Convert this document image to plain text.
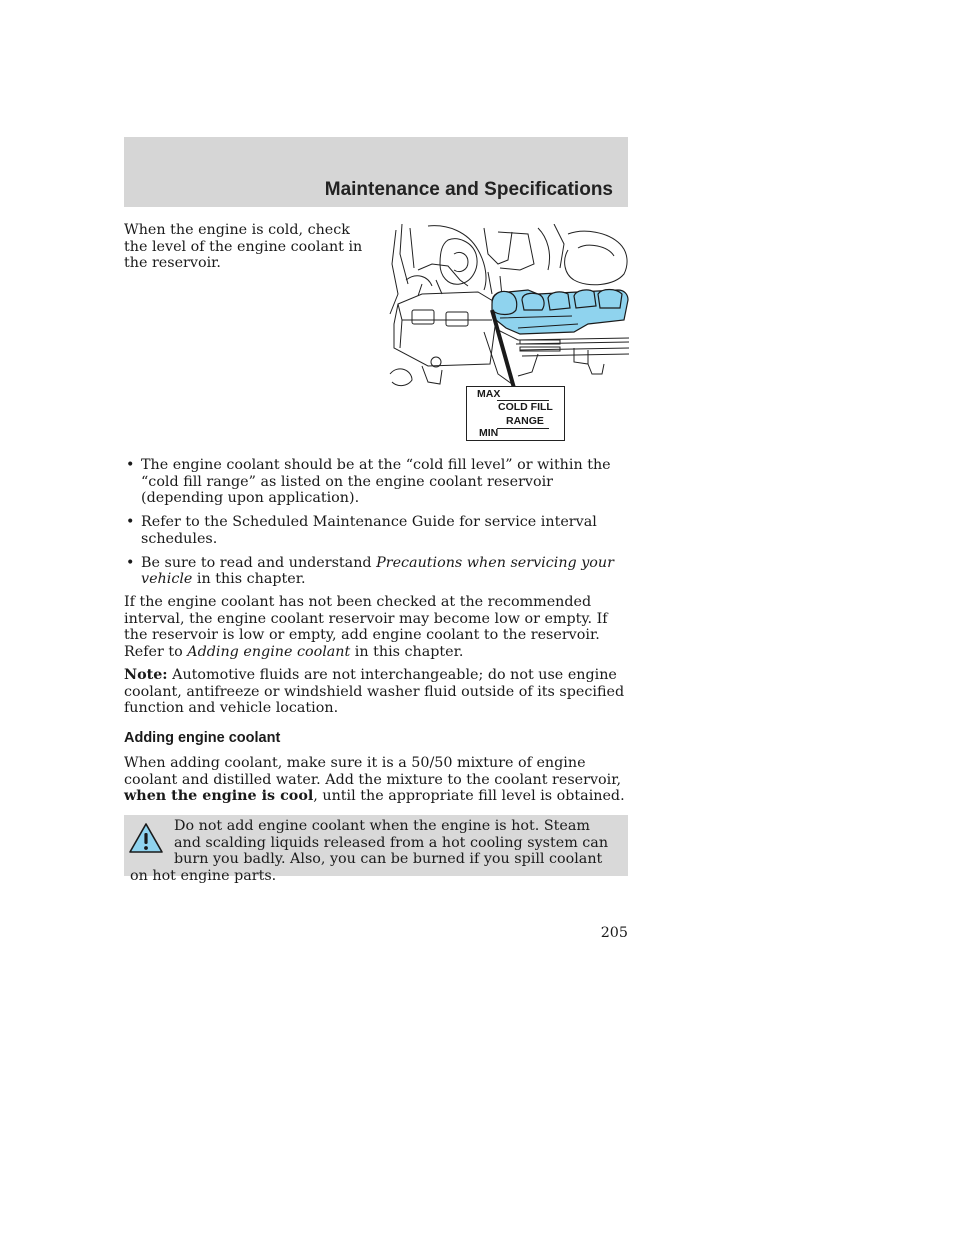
Maintenance and Specifications

When the engine is cold, check the level of the engine coolant in the reservoir.

MAX
COLD FILL
RANGE
MIN
• The engine coolant should be at the “cold fill level” or within the “cold fill range” as listed on the engine coolant reservoir (depending upon application).
• Refer to the Scheduled Maintenance Guide for service interval schedules.
• Be sure to read and understand Precautions when servicing your vehicle in this chapter.

If the engine coolant has not been checked at the recommended interval, the engine coolant reservoir may become low or empty. If the reservoir is low or empty, add engine coolant to the reservoir. Refer to Adding engine coolant in this chapter.

Note: Automotive fluids are not interchangeable; do not use engine coolant, antifreeze or windshield washer fluid outside of its specified function and vehicle location.

Adding engine coolant

When adding coolant, make sure it is a 50/50 mixture of engine coolant and distilled water. Add the mixture to the coolant reservoir, when the engine is cool, until the appropriate fill level is obtained.

Do not add engine coolant when the engine is hot. Steam and scalding liquids released from a hot cooling system can burn you badly. Also, you can be burned if you spill coolant on hot engine parts.

205
